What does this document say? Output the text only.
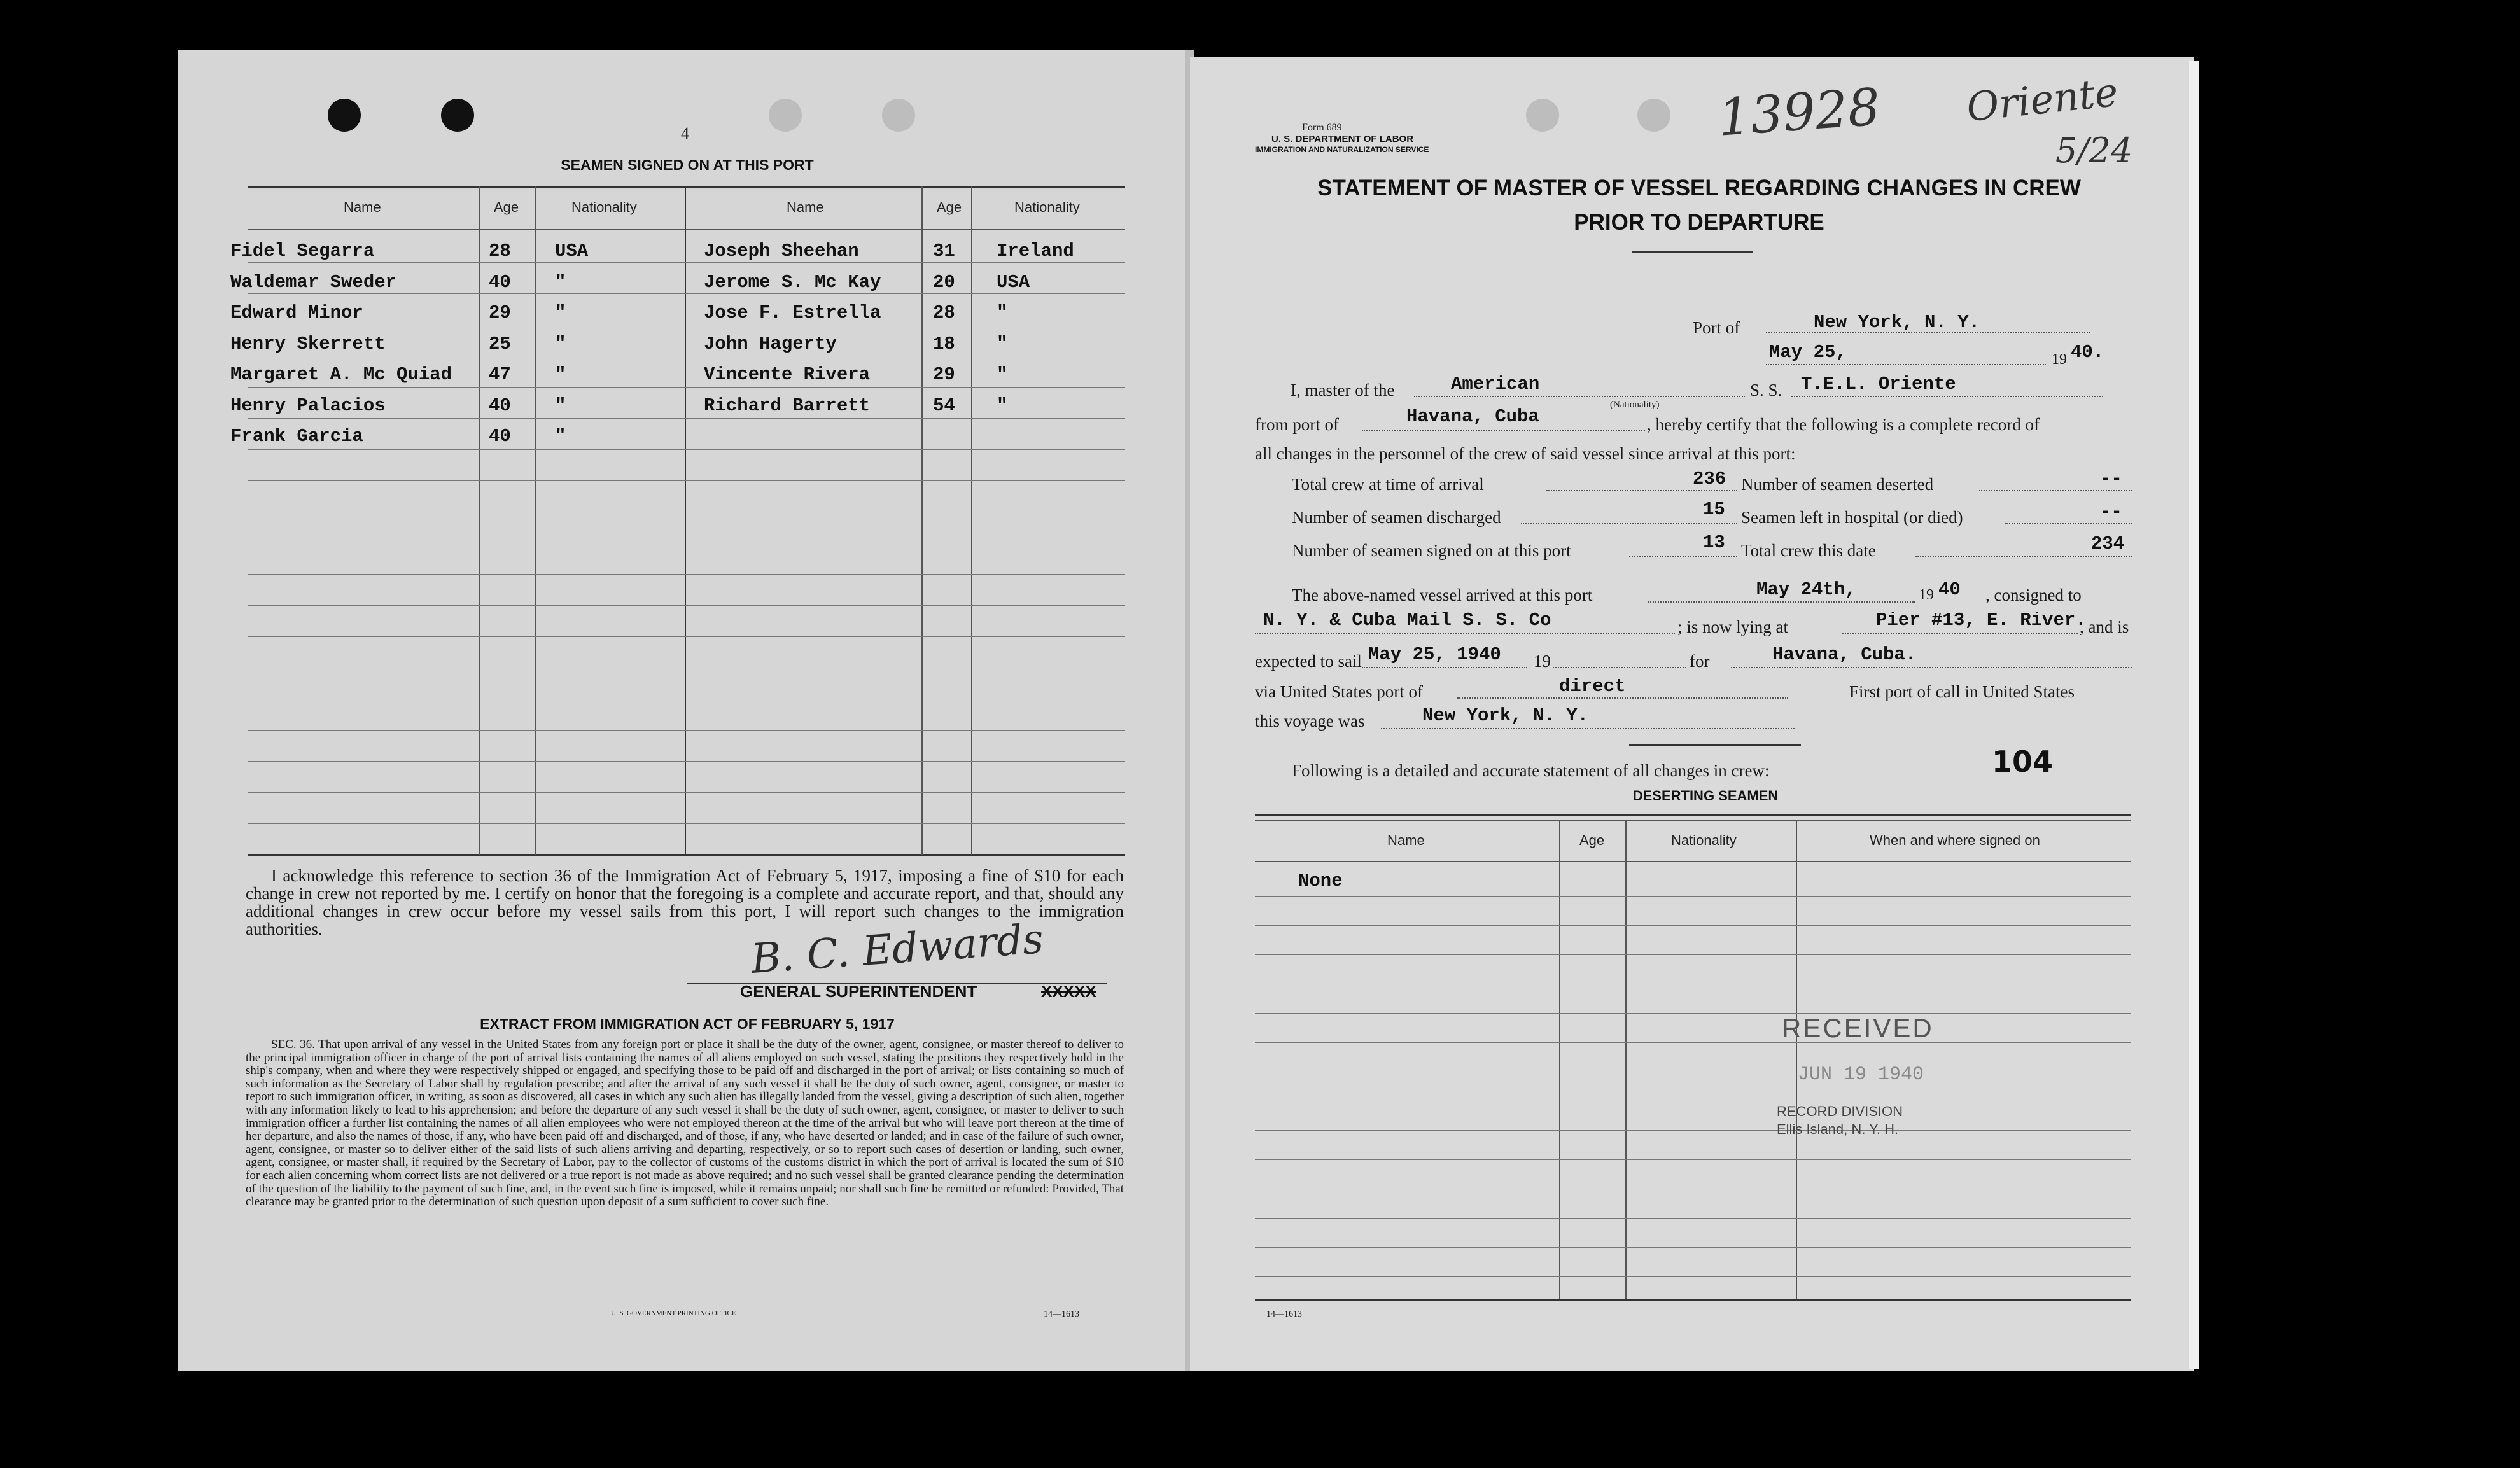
4
SEAMEN SIGNED ON AT THIS PORT
Name	Age	Nationality	Name	Age	Nationality
Fidel Segarra	28 USA
Waldemar Sweder	40 "
Edward Minor	29 "
Henry Skerrett	25 "
Margaret A. Mc Quiad 47 "
Henry Palacios	40 "
Frank Garcia	40 "
Joseph Sheehan	31 Ireland
Jerome S. Mc Kay	20 USA
Jose F. Estrella	28 "
John Hagerty	18 "
Vincente Rivera	29 "
Richard Barrett	54 "
I acknowledge this reference to section 36 of the Immigration Act of February 5, 1917, imposing a fine of $10 for each change in crew not reported by me. I certify on honor that the foregoing is a complete and accurate report, and that, should any additional changes in crew occur before my vessel sails from this port, I will report such changes to the immigration authorities.	B. C. Edwards
GENERAL SUPERINTENDENT	XXXXX
EXTRACT FROM IMMIGRATION ACT OF FEBRUARY 5, 1917
SEC. 36. That upon arrival of any vessel in the United States from any foreign port or place it shall be the duty of the owner, agent, consignee, or master thereof to deliver to the principal immigration officer in charge of the port of arrival lists containing the names of all aliens employed on such vessel, stating the positions they respectively hold in the ship's company, when and where they were respectively shipped or engaged, and specifying those to be paid off and discharged in the port of arrival; or lists containing so much of such information as the Secretary of Labor shall by regulation prescribe; and after the arrival of any such vessel it shall be the duty of such owner, agent, consignee, or master to report to such immigration officer, in writing, as soon as discovered, all cases in which any such alien has illegally landed from the vessel, giving a description of such alien, together with any information likely to lead to his apprehension; and before the departure of any such vessel it shall be the duty of such owner, agent, consignee, or master to deliver to such immigration officer a further list containing the names of all alien employees who were not employed thereon at the time of the arrival but who will leave port thereon at the time of her departure, and also the names of those, if any, who have been paid off and discharged, and of those, if any, who have deserted or landed; and in case of the failure of such owner, agent, consignee, or master so to deliver either of the said lists of such aliens arriving and departing, respectively, or so to report such cases of desertion or landing, such owner, agent, consignee, or master shall, if required by the Secretary of Labor, pay to the collector of customs of the customs district in which the port of arrival is located the sum of $10 for each alien concerning whom correct lists are not delivered or a true report is not made as above required; and no such vessel shall be granted clearance pending the determination of the question of the liability to the payment of such fine, and, in the event such fine is imposed, while it remains unpaid; nor shall such fine be remitted or refunded: Provided, That clearance may be granted prior to the determination of such question upon deposit of a sum sufficient to cover such fine.
U. S. GOVERNMENT PRINTING OFFICE	14—1613
13928 Oriente
5/24
Form 689
U. S. DEPARTMENT OF LABOR
IMMIGRATION AND NATURALIZATION SERVICE
STATEMENT OF MASTER OF VESSEL REGARDING CHANGES IN CREW
PRIOR TO DEPARTURE
Port of	New York, N. Y.
May 25,	19 40.
I, master of the	American
(Nationality)
S. S. T.E.L. Oriente
from port of	Havana, Cuba	, hereby certify that the following is a complete record of
all changes in the personnel of the crew of said vessel since arrival at this port:
Total crew at time of arrival	236 Number of seamen deserted	--
Number of seamen discharged	15 Seamen left in hospital (or died)	--
Number of seamen signed on at this port	13 Total crew this date	234
The above-named vessel arrived at this port	May 24th,	19 40 , consigned to
N. Y. & Cuba Mail S. S. Co	; is now lying at	Pier #13, E. River.
, and is
expected to sail May 25, 1940 19	for	Havana, Cuba.
via United States port of	direct	First port of call in United States
this voyage was	New York, N. Y.
Following is a detailed and accurate statement of all changes in crew:	104
DESERTING SEAMEN
Name	Age	Nationality	When and where signed on
None
RECEIVED
JUN 19 1940
RECORD DIVISION
Ellis Island, N. Y. H.
14—1613
